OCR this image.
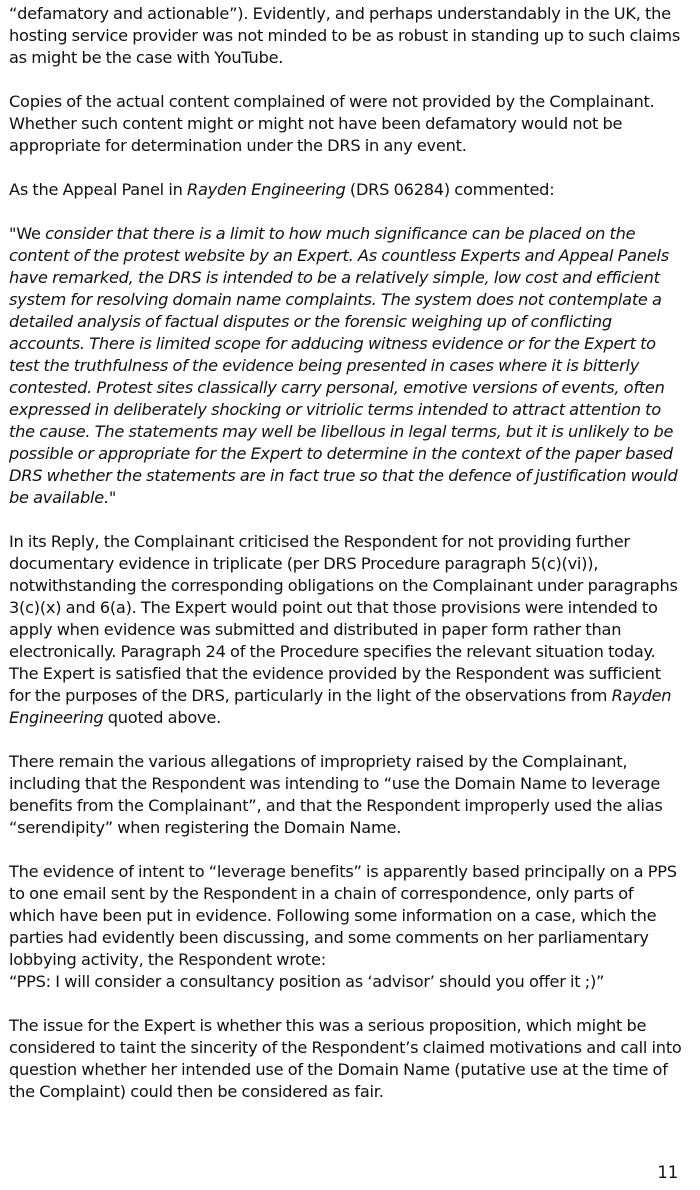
“defamatory and actionable”). Evidently, and perhaps understandably in the UK, the hosting service provider was not minded to be as robust in standing up to such claims as might be the case with YouTube.

Copies of the actual content complained of were not provided by the Complainant. Whether such content might or might not have been defamatory would not be appropriate for determination under the DRS in any event.

As the Appeal Panel in Rayden Engineering (DRS 06284) commented:

"We consider that there is a limit to how much significance can be placed on the content of the protest website by an Expert. As countless Experts and Appeal Panels have remarked, the DRS is intended to be a relatively simple, low cost and efficient system for resolving domain name complaints. The system does not contemplate a detailed analysis of factual disputes or the forensic weighing up of conflicting accounts. There is limited scope for adducing witness evidence or for the Expert to test the truthfulness of the evidence being presented in cases where it is bitterly contested. Protest sites classically carry personal, emotive versions of events, often expressed in deliberately shocking or vitriolic terms intended to attract attention to the cause. The statements may well be libellous in legal terms, but it is unlikely to be possible or appropriate for the Expert to determine in the context of the paper based DRS whether the statements are in fact true so that the defence of justification would be available."

In its Reply, the Complainant criticised the Respondent for not providing further documentary evidence in triplicate (per DRS Procedure paragraph 5(c)(vi)), notwithstanding the corresponding obligations on the Complainant under paragraphs 3(c)(x) and 6(a). The Expert would point out that those provisions were intended to apply when evidence was submitted and distributed in paper form rather than electronically. Paragraph 24 of the Procedure specifies the relevant situation today. The Expert is satisfied that the evidence provided by the Respondent was sufficient for the purposes of the DRS, particularly in the light of the observations from Rayden Engineering quoted above.

There remain the various allegations of impropriety raised by the Complainant, including that the Respondent was intending to “use the Domain Name to leverage benefits from the Complainant”, and that the Respondent improperly used the alias “serendipity” when registering the Domain Name.

The evidence of intent to “leverage benefits” is apparently based principally on a PPS to one email sent by the Respondent in a chain of correspondence, only parts of which have been put in evidence. Following some information on a case, which the parties had evidently been discussing, and some comments on her parliamentary lobbying activity, the Respondent wrote:

“PPS: I will consider a consultancy position as ‘advisor’ should you offer it ;)”

The issue for the Expert is whether this was a serious proposition, which might be considered to taint the sincerity of the Respondent’s claimed motivations and call into question whether her intended use of the Domain Name (putative use at the time of the Complaint) could then be considered as fair.

11
